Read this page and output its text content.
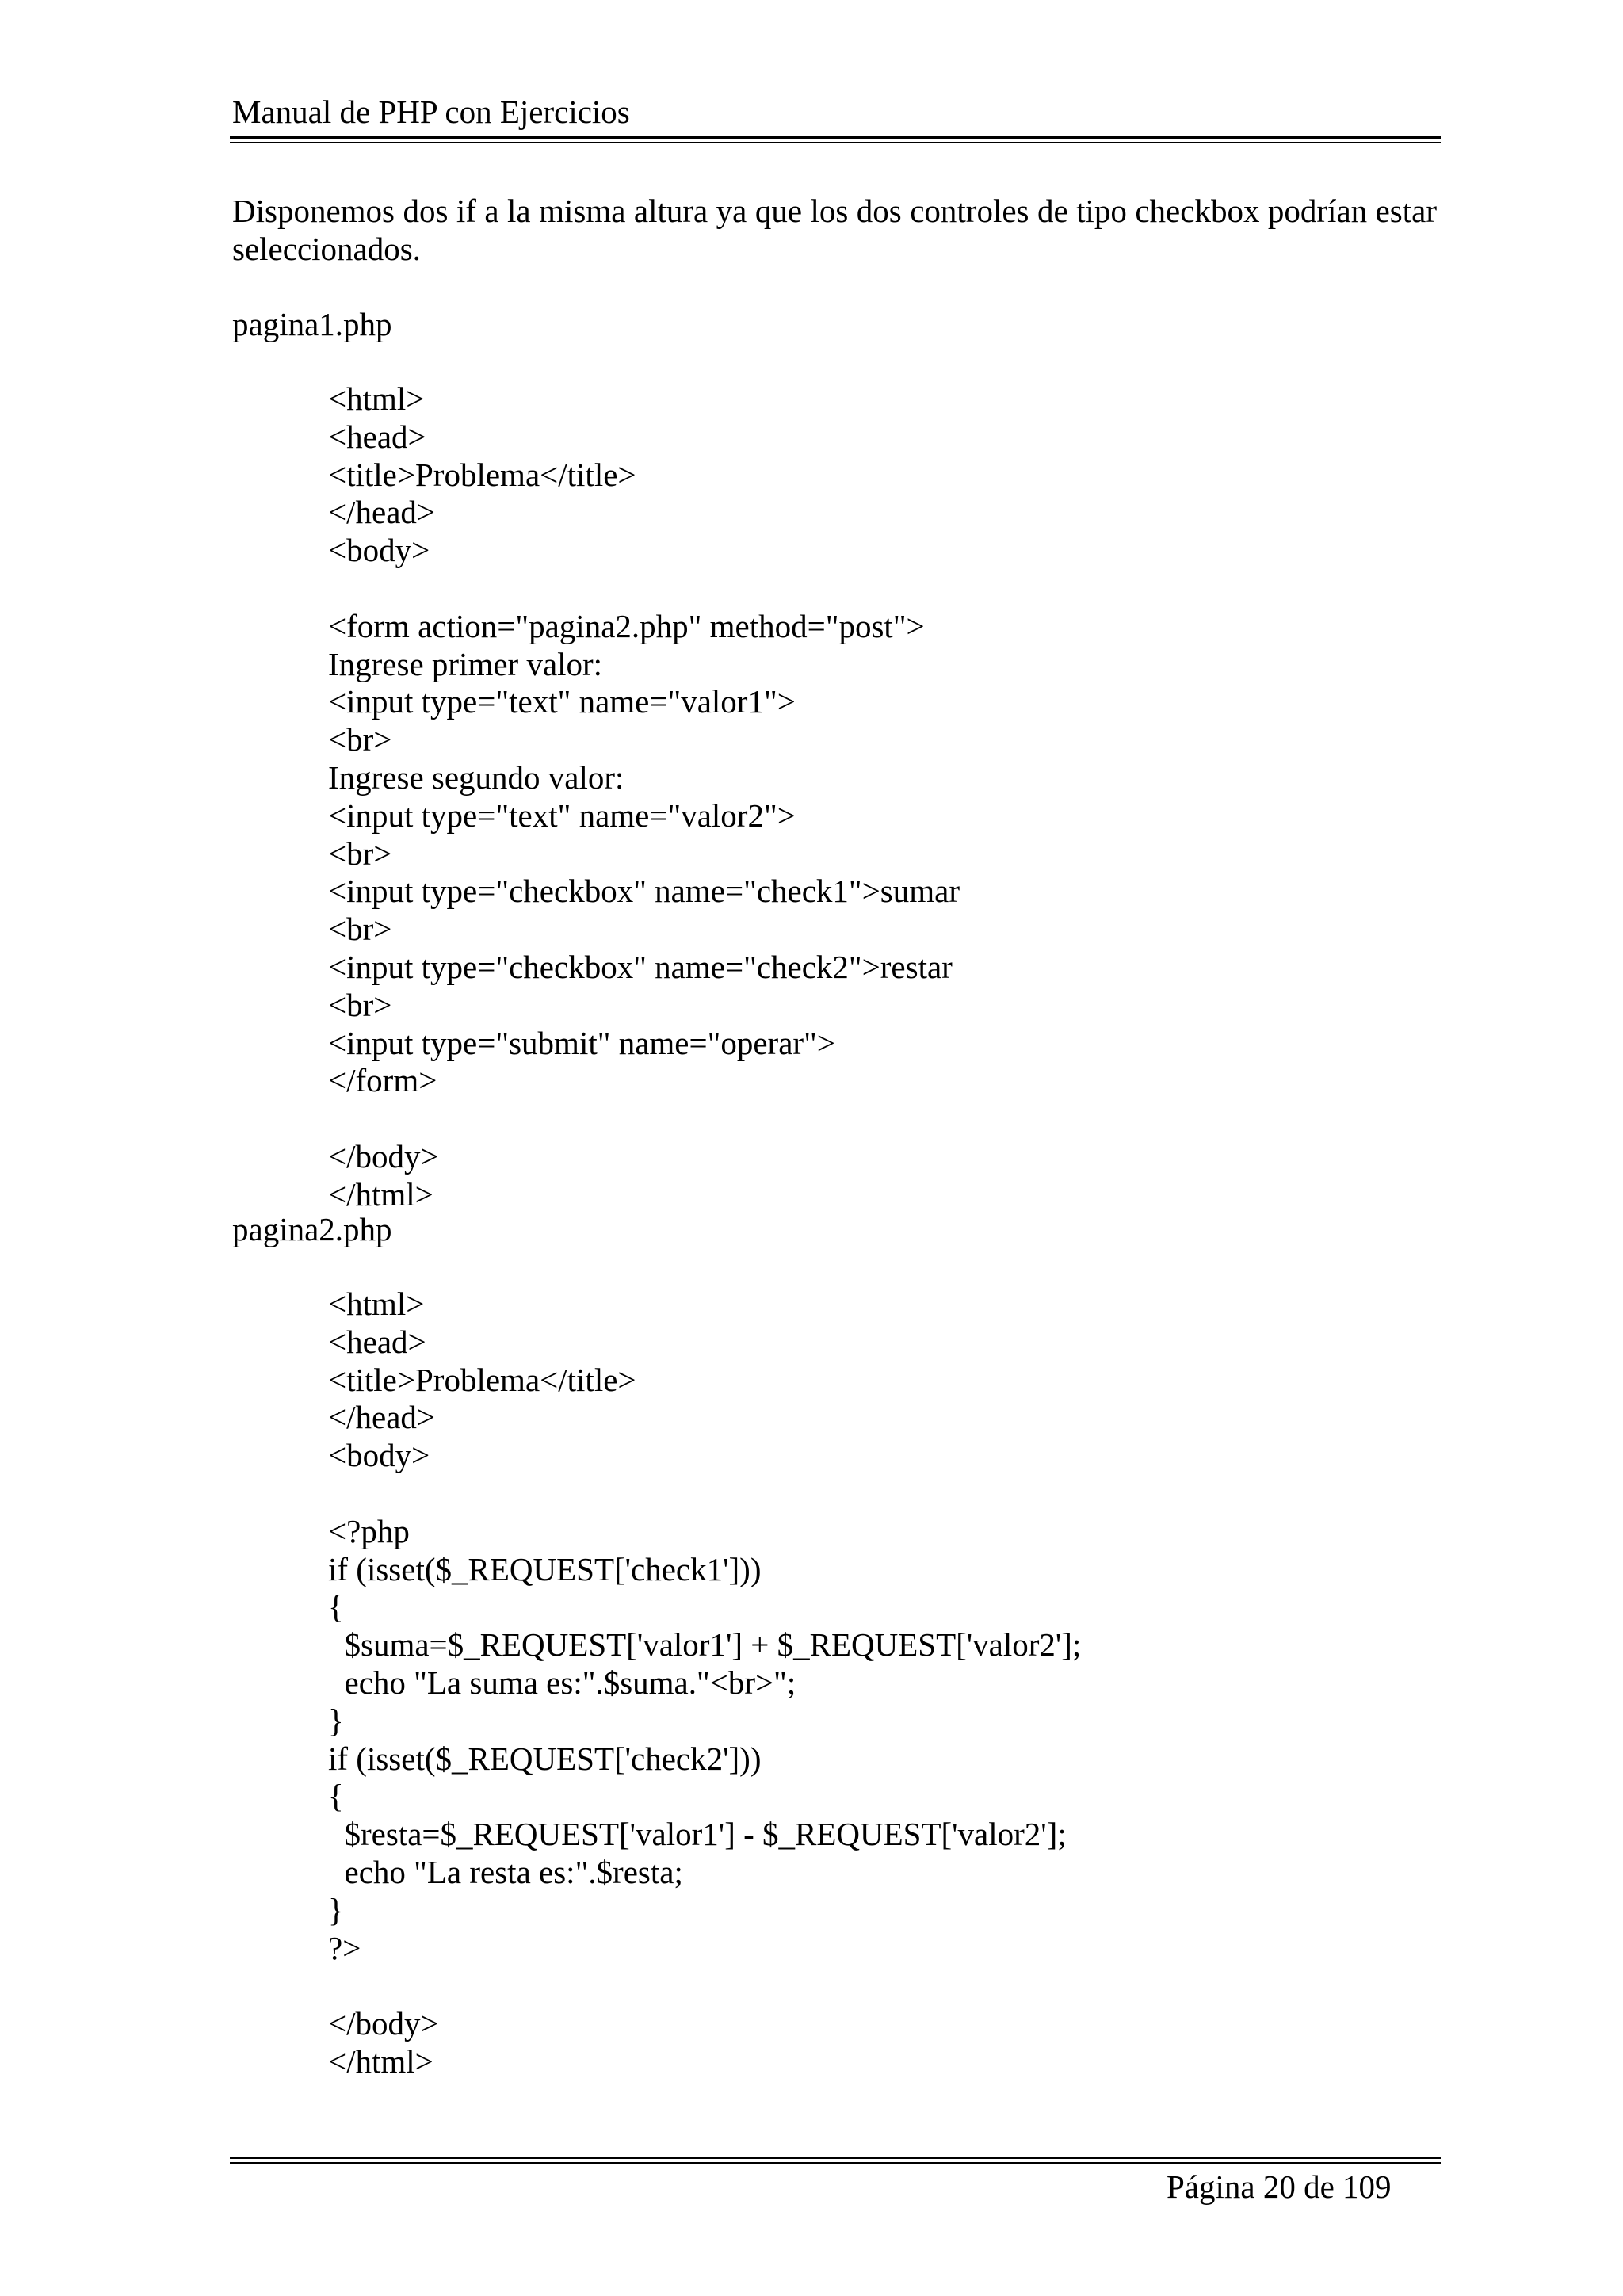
Manual de PHP con Ejercicios
Disponemos dos if a la misma altura ya que los dos controles de tipo checkbox podrían estar seleccionados.
pagina1.php
<html>
<head>
<title>Problema</title>
</head>
<body>
<form action="pagina2.php" method="post">
Ingrese primer valor:
<input type="text" name="valor1">
<br>
Ingrese segundo valor:
<input type="text" name="valor2">
<br>
<input type="checkbox" name="check1">sumar
<br>
<input type="checkbox" name="check2">restar
<br>
<input type="submit" name="operar">
</form>
</body>
</html>
pagina2.php
<html>
<head>
<title>Problema</title>
</head>
<body>
<?php
if (isset($_REQUEST['check1']))
{
$suma=$_REQUEST['valor1'] + $_REQUEST['valor2'];
echo "La suma es:".$suma."<br>";
}
if (isset($_REQUEST['check2']))
{
$resta=$_REQUEST['valor1'] - $_REQUEST['valor2'];
echo "La resta es:".$resta;
}
?>
</body>
</html>
Página 20 de 109
